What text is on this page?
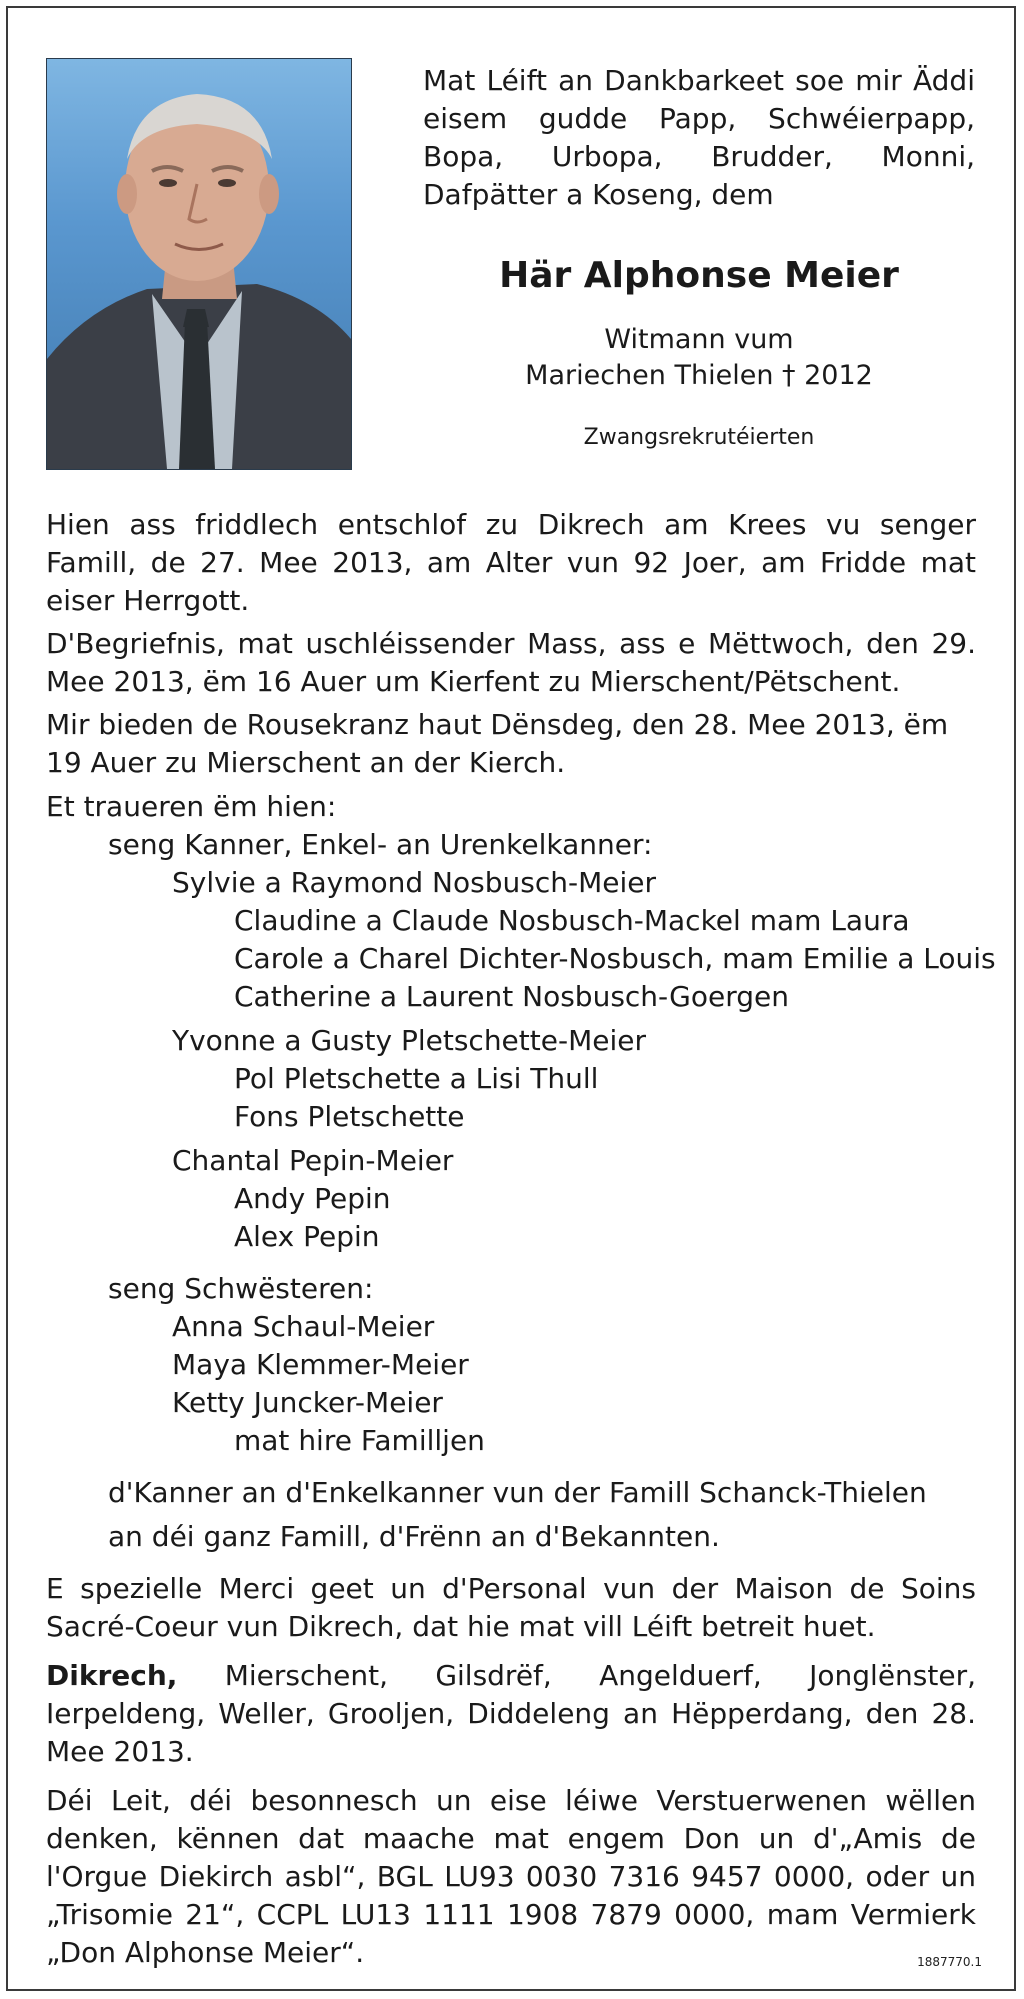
Mat Léift an Dankbarkeet soe mir Äddi eisem gudde Papp, Schwéierpapp, Bopa, Urbopa, Brudder, Monni, Dafpätter a Koseng, dem
Här Alphonse Meier
Witmann vum
Mariechen Thielen † 2012
Zwangsrekrutéierten
Hien ass friddlech entschlof zu Dikrech am Krees vu senger Famill, de 27. Mee 2013, am Alter vun 92 Joer, am Fridde mat eiser Herrgott.
D'Begriefnis, mat uschléissender Mass, ass e Mëttwoch, den 29. Mee 2013, ëm 16 Auer um Kierfent zu Mierschent/Pëtschent.
Mir bieden de Rousekranz haut Dënsdeg, den 28. Mee 2013, ëm 19 Auer zu Mierschent an der Kierch.
Et traueren ëm hien:
seng Kanner, Enkel- an Urenkelkanner:
Sylvie a Raymond Nosbusch-Meier
Claudine a Claude Nosbusch-Mackel mam Laura
Carole a Charel Dichter-Nosbusch, mam Emilie a Louis
Catherine a Laurent Nosbusch-Goergen
Yvonne a Gusty Pletschette-Meier
Pol Pletschette a Lisi Thull
Fons Pletschette
Chantal Pepin-Meier
Andy Pepin
Alex Pepin
seng Schwësteren:
Anna Schaul-Meier
Maya Klemmer-Meier
Ketty Juncker-Meier
mat hire Familljen
d'Kanner an d'Enkelkanner vun der Famill Schanck-Thielen
an déi ganz Famill, d'Frënn an d'Bekannten.
E spezielle Merci geet un d'Personal vun der Maison de Soins Sacré-Coeur vun Dikrech, dat hie mat vill Léift betreit huet.
Dikrech, Mierschent, Gilsdrëf, Angelduerf, Jonglënster, Ierpeldeng, Weller, Grooljen, Diddeleng an Hëpperdang, den 28. Mee 2013.
Déi Leit, déi besonnesch un eise léiwe Verstuerwenen wëllen denken, kënnen dat maache mat engem Don un d'„Amis de l'Orgue Diekirch asbl“, BGL LU93 0030 7316 9457 0000, oder un „Trisomie 21“, CCPL LU13 1111 1908 7879 0000, mam Vermierk „Don Alphonse Meier“.	1887770.1
